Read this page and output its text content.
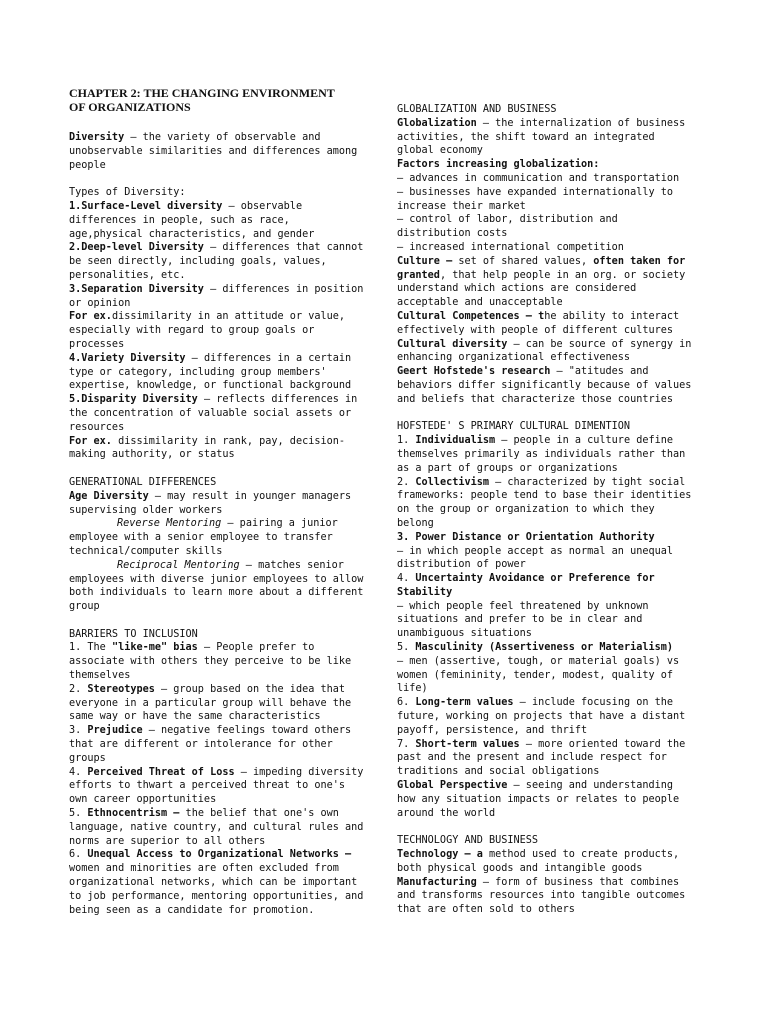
CHAPTER 2: THE CHANGING ENVIRONMENT
OF ORGANIZATIONS

Diversity – the variety of observable and unobservable similarities and differences among people

Types of Diversity:

1.Surface-Level diversity – observable differences in people, such as race, age,physical characteristics, and gender

2.Deep-level Diversity – differences that cannot be seen directly, including goals, values, personalities, etc.

3.Separation Diversity – differences in position or opinion

For ex.dissimilarity in an attitude or value, especially with regard to group goals or processes

4.Variety Diversity – differences in a certain type or category, including group members' expertise, knowledge, or functional background

5.Disparity Diversity – reflects differences in the concentration of valuable social assets or resources

For ex. dissimilarity in rank, pay, decision-making authority, or status

GENERATIONAL DIFFERENCES

Age Diversity – may result in younger managers supervising older workers

Reverse Mentoring – pairing a junior employee with a senior employee to transfer technical/computer skills

Reciprocal Mentoring – matches senior employees with diverse junior employees to allow both individuals to learn more about a different group

BARRIERS TO INCLUSION

1. The "like-me" bias – People prefer to associate with others they perceive to be like themselves

2. Stereotypes – group based on the idea that everyone in a particular group will behave the same way or have the same characteristics

3. Prejudice – negative feelings toward others that are different or intolerance for other groups

4. Perceived Threat of Loss – impeding diversity efforts to thwart a perceived threat to one's own career opportunities

5. Ethnocentrism – the belief that one's own language, native country, and cultural rules and norms are superior to all others

6. Unequal Access to Organizational Networks – women and minorities are often excluded from organizational networks, which can be important to job performance, mentoring opportunities, and being seen as a candidate for promotion.

GLOBALIZATION AND BUSINESS

Globalization – the internalization of business activities, the shift toward an integrated global economy

Factors increasing globalization:

– advances in communication and transportation

– businesses have expanded internationally to increase their market

– control of labor, distribution and distribution costs

– increased international competition

Culture – set of shared values, often taken for granted, that help people in an org. or society understand which actions are considered acceptable and unacceptable

Cultural Competences – the ability to interact effectively with people of different cultures

Cultural diversity – can be source of synergy in enhancing organizational effectiveness

Geert Hofstede's research – "atitudes and behaviors differ significantly because of values and beliefs that characterize those countries

HOFSTEDE' S PRIMARY CULTURAL DIMENTION

1. Individualism – people in a culture define themselves primarily as individuals rather than as a part of groups or organizations

2. Collectivism – characterized by tight social frameworks: people tend to base their identities on the group or organization to which they belong

3. Power Distance or Orientation Authority
– in which people accept as normal an unequal distribution of power

4. Uncertainty Avoidance or Preference for Stability
– which people feel threatened by unknown situations and prefer to be in clear and unambiguous situations

5. Masculinity (Assertiveness or Materialism)
– men (assertive, tough, or material goals) vs women (femininity, tender, modest, quality of life)

6. Long-term values – include focusing on the future, working on projects that have a distant payoff, persistence, and thrift

7. Short-term values – more oriented toward the past and the present and include respect for traditions and social obligations

Global Perspective – seeing and understanding how any situation impacts or relates to people around the world

TECHNOLOGY AND BUSINESS

Technology – a method used to create products, both physical goods and intangible goods

Manufacturing – form of business that combines and transforms resources into tangible outcomes that are often sold to others
